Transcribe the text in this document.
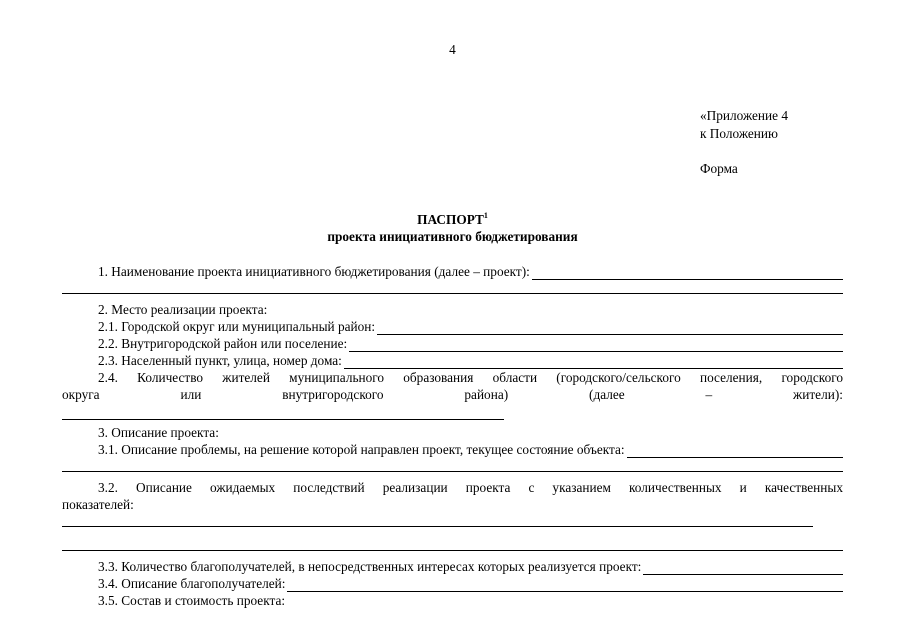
4
«Приложение 4
к Положению
Форма
ПАСПОРТ$^1$
проекта инициативного бюджетирования
1. Наименование проекта инициативного бюджетирования (далее – проект):
2. Место реализации проекта:
2.1. Городской округ или муниципальный район:
2.2. Внутригородской район или поселение:
2.3. Населенный пункт, улица, номер дома:
2.4. Количество жителей муниципального образования области (городского/сельского поселения, городского
округа	или	внутригородского	района)	(далее	–	жители):
3. Описание проекта:
3.1. Описание проблемы, на решение которой направлен проект, текущее состояние объекта:
3.2. Описание ожидаемых последствий реализации проекта с указанием количественных и качественных
показателей:
3.3. Количество благополучателей, в непосредственных интересах которых реализуется проект:
3.4. Описание благополучателей:
3.5. Состав и стоимость проекта:
